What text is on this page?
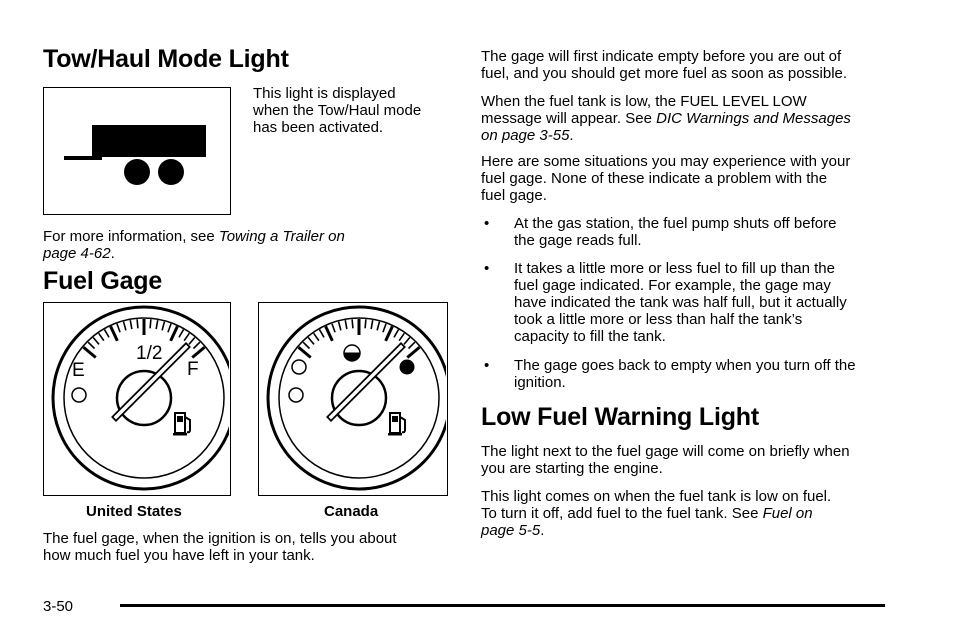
Tow/Haul Mode Light
This light is displayed
when the Tow/Haul mode
has been activated.
For more information, see Towing a Trailer on
page 4-62.
Fuel Gage
1/2
E	F
United States	Canada
The fuel gage, when the ignition is on, tells you about
how much fuel you have left in your tank.
The gage will first indicate empty before you are out of
fuel, and you should get more fuel as soon as possible.
When the fuel tank is low, the FUEL LEVEL LOW
message will appear. See DIC Warnings and Messages
on page 3-55.
Here are some situations you may experience with your
fuel gage. None of these indicate a problem with the
fuel gage.
• At the gas station, the fuel pump shuts off before
the gage reads full.
• It takes a little more or less fuel to fill up than the
fuel gage indicated. For example, the gage may
have indicated the tank was half full, but it actually
took a little more or less than half the tank’s
capacity to fill the tank.
• The gage goes back to empty when you turn off the
ignition.
Low Fuel Warning Light
The light next to the fuel gage will come on briefly when
you are starting the engine.
This light comes on when the fuel tank is low on fuel.
To turn it off, add fuel to the fuel tank. See Fuel on
page 5-5.
3-50
